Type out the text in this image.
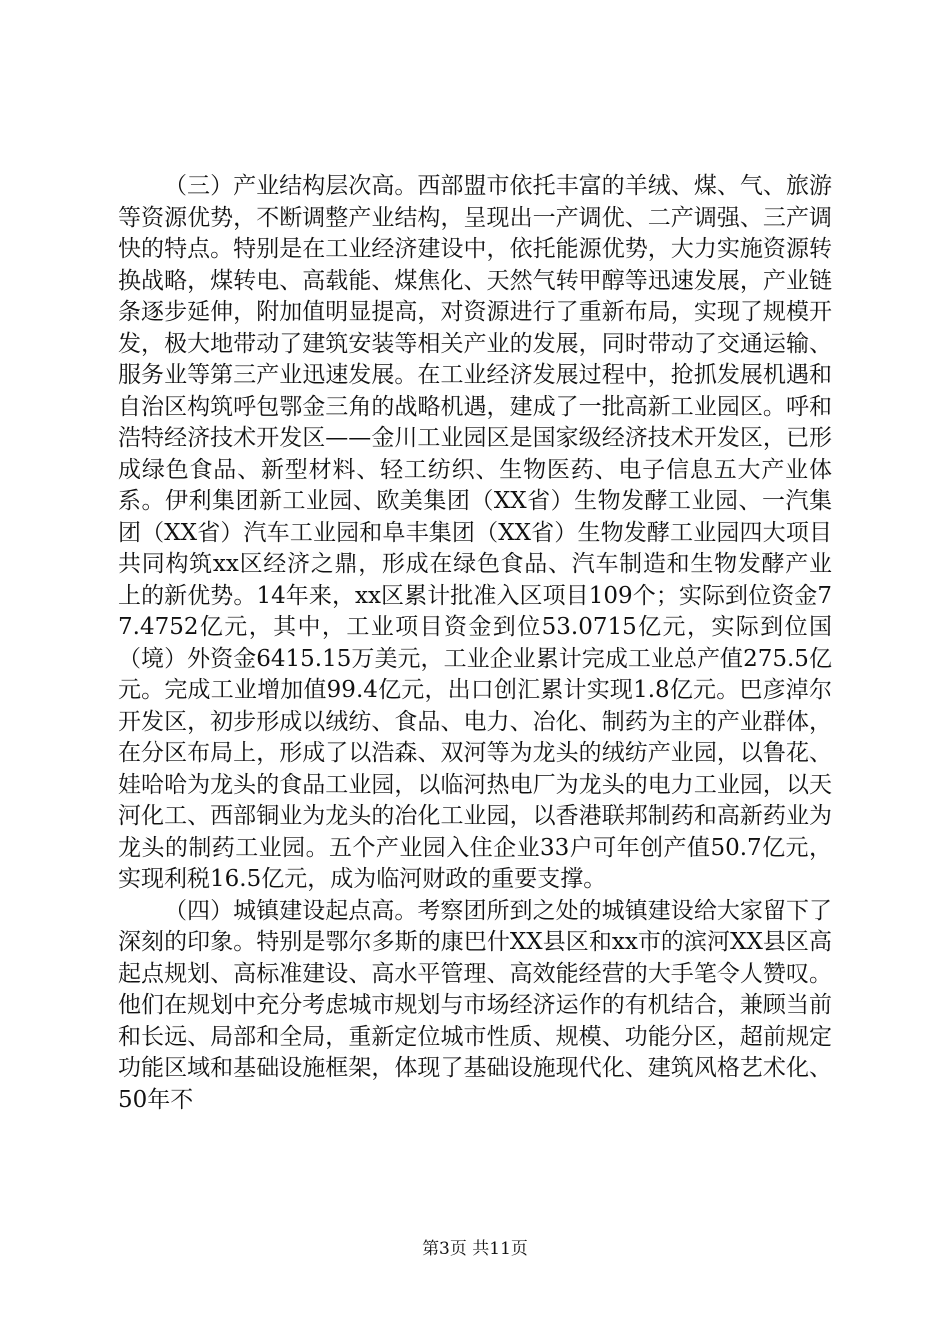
（三）产业结构层次高。西部盟市依托丰富的羊绒、煤、气、旅游等资源优势，不断调整产业结构，呈现出一产调优、二产调强、三产调快的特点。特别是在工业经济建设中，依托能源优势，大力实施资源转换战略，煤转电、高载能、煤焦化、天然气转甲醇等迅速发展，产业链条逐步延伸，附加值明显提高，对资源进行了重新布局，实现了规模开发，极大地带动了建筑安装等相关产业的发展，同时带动了交通运输、服务业等第三产业迅速发展。在工业经济发展过程中，抢抓发展机遇和自治区构筑呼包鄂金三角的战略机遇，建成了一批高新工业园区。呼和浩特经济技术开发区——金川工业园区是国家级经济技术开发区，已形成绿色食品、新型材料、轻工纺织、生物医药、电子信息五大产业体系。伊利集团新工业园、欧美集团（XX省）生物发酵工业园、一汽集团（XX省）汽车工业园和阜丰集团（XX省）生物发酵工业园四大项目共同构筑xx区经济之鼎，形成在绿色食品、汽车制造和生物发酵产业上的新优势。14年来，xx区累计批准入区项目109个；实际到位资金77.4752亿元，其中，工业项目资金到位53.0715亿元，实际到位国（境）外资金6415.15万美元，工业企业累计完成工业总产值275.5亿元。完成工业增加值99.4亿元，出口创汇累计实现1.8亿元。巴彦淖尔开发区，初步形成以绒纺、食品、电力、冶化、制药为主的产业群体，在分区布局上，形成了以浩森、双河等为龙头的绒纺产业园，以鲁花、娃哈哈为龙头的食品工业园，以临河热电厂为龙头的电力工业园，以天河化工、西部铜业为龙头的冶化工业园，以香港联邦制药和高新药业为龙头的制药工业园。五个产业园入住企业33户可年创产值50.7亿元，实现利税16.5亿元，成为临河财政的重要支撑。

（四）城镇建设起点高。考察团所到之处的城镇建设给大家留下了深刻的印象。特别是鄂尔多斯的康巴什XX县区和xx市的滨河XX县区高起点规划、高标准建设、高水平管理、高效能经营的大手笔令人赞叹。他们在规划中充分考虑城市规划与市场经济运作的有机结合，兼顾当前和长远、局部和全局，重新定位城市性质、规模、功能分区，超前规定功能区域和基础设施框架，体现了基础设施现代化、建筑风格艺术化、50年不

第3页 共11页
